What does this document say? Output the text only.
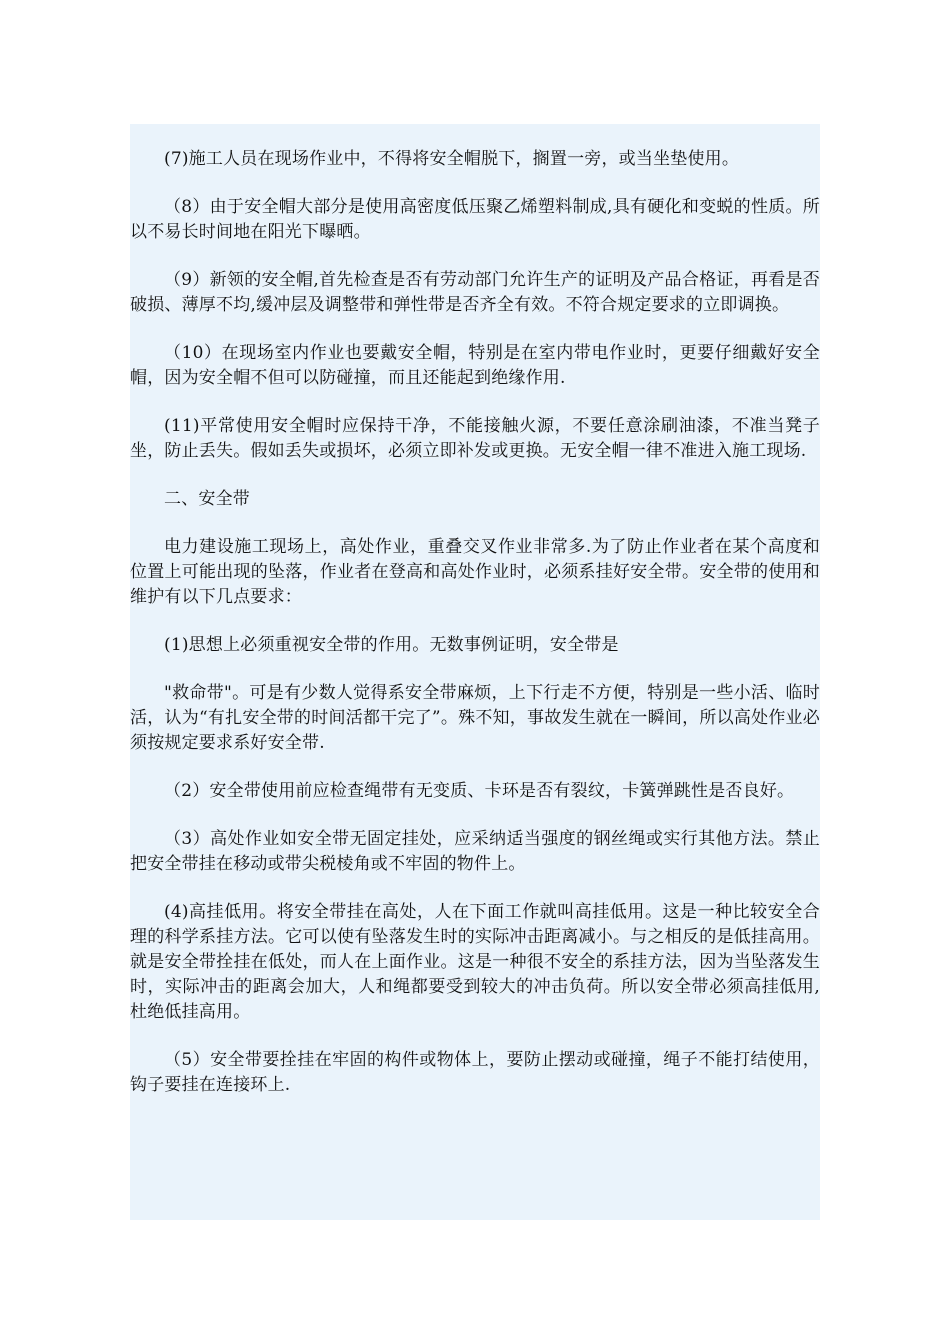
(7)施工人员在现场作业中，不得将安全帽脱下，搁置一旁，或当坐垫使用。

（8）由于安全帽大部分是使用高密度低压聚乙烯塑料制成,具有硬化和变蜕的性质。所以不易长时间地在阳光下曝晒。

（9）新领的安全帽,首先检查是否有劳动部门允许生产的证明及产品合格证，再看是否破损、薄厚不均,缓冲层及调整带和弹性带是否齐全有效。不符合规定要求的立即调换。

（10）在现场室内作业也要戴安全帽，特别是在室内带电作业时，更要仔细戴好安全帽，因为安全帽不但可以防碰撞，而且还能起到绝缘作用.

(11)平常使用安全帽时应保持干净，不能接触火源，不要任意涂刷油漆，不准当凳子坐，防止丢失。假如丢失或损坏，必须立即补发或更换。无安全帽一律不准进入施工现场.

二、安全带

电力建设施工现场上，高处作业，重叠交叉作业非常多.为了防止作业者在某个高度和位置上可能出现的坠落，作业者在登高和高处作业时，必须系挂好安全带。安全带的使用和维护有以下几点要求：

(1)思想上必须重视安全带的作用。无数事例证明，安全带是

"救命带"。可是有少数人觉得系安全带麻烦，上下行走不方便，特别是一些小活、临时活，认为“有扎安全带的时间活都干完了”。殊不知，事故发生就在一瞬间，所以高处作业必须按规定要求系好安全带.

（2）安全带使用前应检查绳带有无变质、卡环是否有裂纹，卡簧弹跳性是否良好。

（3）高处作业如安全带无固定挂处，应采纳适当强度的钢丝绳或实行其他方法。禁止把安全带挂在移动或带尖税棱角或不牢固的物件上。

(4)高挂低用。将安全带挂在高处，人在下面工作就叫高挂低用。这是一种比较安全合理的科学系挂方法。它可以使有坠落发生时的实际冲击距离减小。与之相反的是低挂高用。就是安全带拴挂在低处，而人在上面作业。这是一种很不安全的系挂方法，因为当坠落发生时，实际冲击的距离会加大，人和绳都要受到较大的冲击负荷。所以安全带必须高挂低用,杜绝低挂高用。

（5）安全带要拴挂在牢固的构件或物体上，要防止摆动或碰撞，绳子不能打结使用，钩子要挂在连接环上.
